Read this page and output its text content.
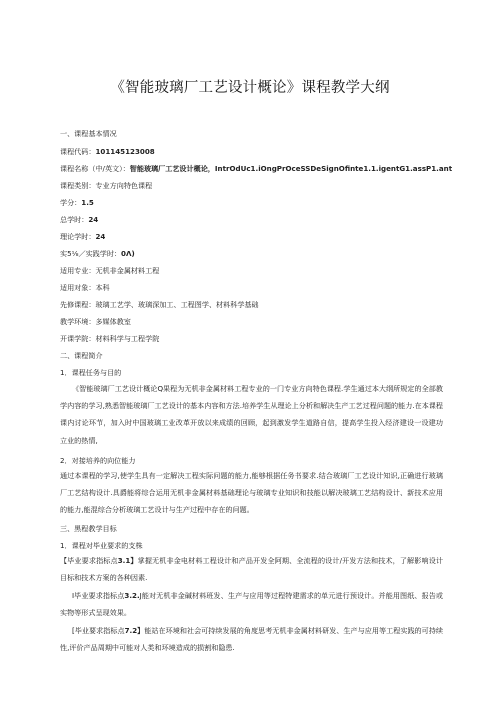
《智能玻璃厂工艺设计概论》课程教学大纲
一、课程基本情况
课程代码：101145123008
课程名称（中/英文）：智能玻璃厂工艺设计概论，IntrOdUc1.iOngPrOceSSDeSignOfinte1.1.igentG1.assP1.ant
课程类别：专业方向特色课程
学分：1.5
总学时：24
理论学时：24
实5⅛／实践学时：0Λ)
适用专业：无机非金属材料工程
适用对象：本科
先修课程：玻璃工艺学、玻璃深加工、工程图学、材料科学基础
教学环境：多媒体教室
开课学院：材料科学与工程学院
二、课程简介
1．课程任务与目的
《智能玻璃厂工艺设计概论Q果程为无机非金属材料工程专业的一门专业方向特色课程.学生通过本大纲所规定的全部教学内容的学习,熟悉智能玻璃厂工艺设计的基本内容和方法.培养学生从理论上分析和解决生产工艺过程问题的能力.在本课程课内讨论环节，加入时中国玻璃工业改革开放以来成绩的回顾，起到激发学生道路自信，提高学生投入经济建设一设建功立业的热情,
2．对接培养的向位能力
通过本课程的学习,使学生具有一定解决工程实际问题的能力,能够根据任务书要求.结合玻璃厂工艺设计知识,正确进行玻璃厂工艺结构设计.具爵能将综合运用无机非金属材料基础理论与玻璃专业知识和技能以解决玻璃工艺结构设计、新技术应用的能力,能混综合分析玻璃工艺设计与生产过程中存在的问题。
三、黑程教学目标
1．课程对毕业要求的支株
【毕业要求指标点3.1】掌握无机非金电材料工程设计和产品开发全阿期、全流程的设计/开发方法和技术，了解影响设计目标和技术方案的各种因素.
I毕业要求指标点3.2.J能对无机非金碱材料班发、生产与应用等过程特建需求的单元进行预设计。并能用图纸、报告或实物等形式呈现效果。
[毕业要求指标点7.2】能站在环境和社会可持续发展的角度思考无机非金属材料研发、生产与应用等工程实践的可持续性,评价产品周期中可能对人类和环境造成的损割和隐患.
